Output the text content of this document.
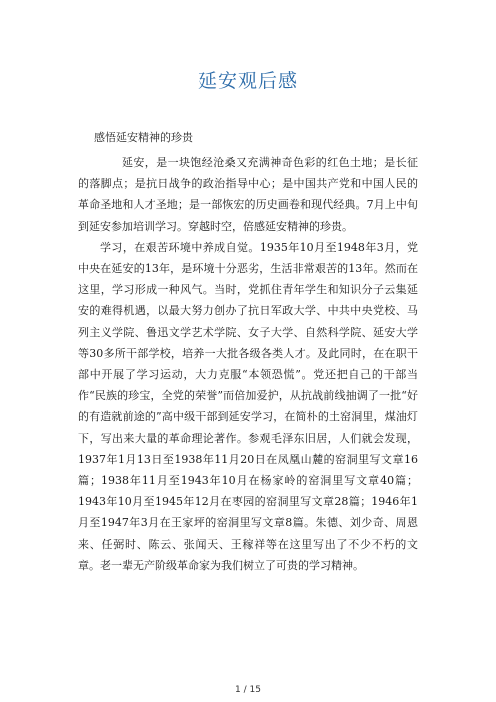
延安观后感
感悟延安精神的珍贵

延安，是一块饱经沧桑又充满神奇色彩的红色土地；是长征的落脚点；是抗日战争的政治指导中心；是中国共产党和中国人民的革命圣地和人才圣地；是一部恢宏的历史画卷和现代经典。7月上中旬到延安参加培训学习。穿越时空，倍感延安精神的珍贵。

学习，在艰苦环境中养成自觉。1935年10月至1948年3月，党中央在延安的13年，是环境十分恶劣，生活非常艰苦的13年。然而在这里，学习形成一种风气。当时，党抓住青年学生和知识分子云集延安的难得机遇，以最大努力创办了抗日军政大学、中共中央党校、马列主义学院、鲁迅文学艺术学院、女子大学、自然科学院、延安大学等30多所干部学校，培养一大批各级各类人才。及此同时，在在职干部中开展了学习运动，大力克服“本领恐慌”。党还把自己的干部当作“民族的珍宝，全党的荣誉”而倍加爱护，从抗战前线抽调了一批“好的有造就前途的”高中级干部到延安学习，在简朴的土窑洞里，煤油灯下，写出来大量的革命理论著作。参观毛泽东旧居，人们就会发现，1937年1月13日至1938年11月20日在凤凰山麓的窑洞里写文章16篇；1938年11月至1943年10月在杨家岭的窑洞里写文章40篇；1943年10月至1945年12月在枣园的窑洞里写文章28篇；1946年1月至1947年3月在王家坪的窑洞里写文章8篇。朱德、刘少奇、周恩来、任弼时、陈云、张闻天、王稼祥等在这里写出了不少不朽的文章。老一辈无产阶级革命家为我们树立了可贵的学习精神。

1 / 15
